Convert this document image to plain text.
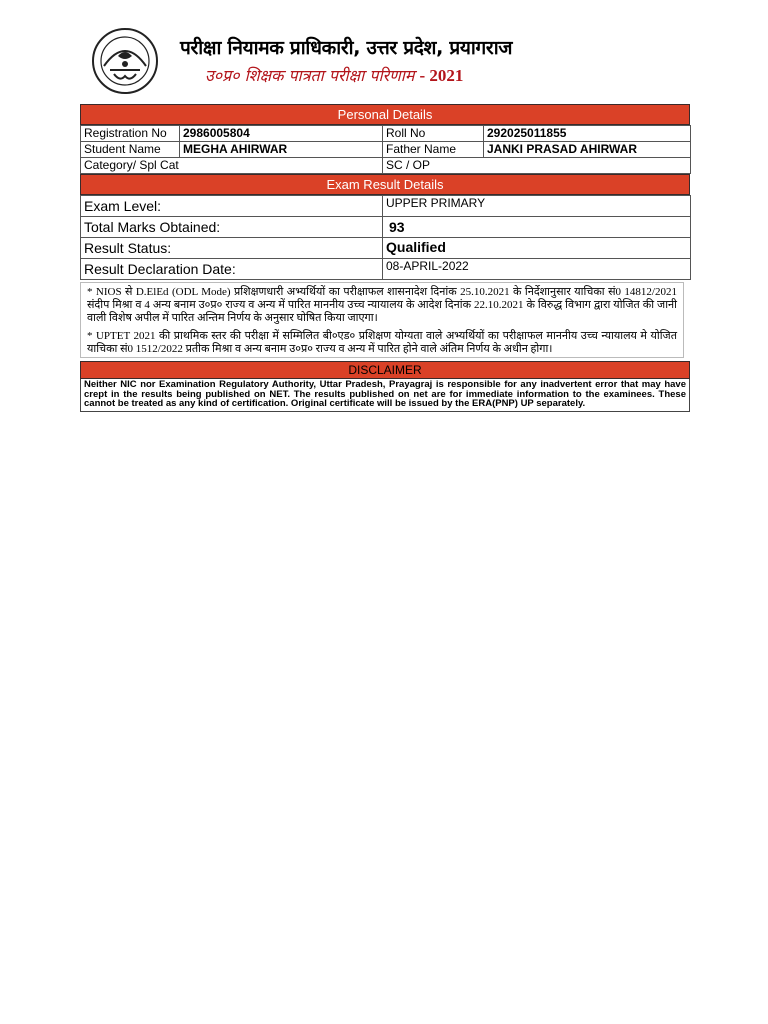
परीक्षा नियामक प्राधिकारी, उत्तर प्रदेश, प्रयागराज
उ०प्र० शिक्षक पात्रता परीक्षा परिणाम - 2021
Personal Details
Registration No	2986005804	Roll No	292025011855
Student Name	MEGHA AHIRWAR	Father Name	JANKI PRASAD AHIRWAR
Category/ Spl Cat		SC / OP	
Exam Result Details
Exam Level:	UPPER PRIMARY
Total Marks Obtained:	93
Result Status:	Qualified
Result Declaration Date:	08-APRIL-2022

* NIOS से D.ElEd (ODL Mode) प्रशिक्षणधारी अभ्यर्थियों का परीक्षाफल शासनादेश दिनांक 25.10.2021 के निर्देशानुसार याचिका सं0 14812/2021 संदीप मिश्रा व 4 अन्य बनाम उ०प्र० राज्य व अन्य में पारित माननीय उच्च न्यायालय के आदेश दिनांक 22.10.2021 के विरुद्ध विभाग द्वारा योजित की जानी वाली विशेष अपील में पारित अन्तिम निर्णय के अनुसार घोषित किया जाएगा।

* UPTET 2021 की प्राथमिक स्तर की परीक्षा में सम्मिलित बी०एड० प्रशिक्षण योग्यता वाले अभ्यर्थियों का परीक्षाफल माननीय उच्च न्यायालय मे योजित याचिका सं0 1512/2022 प्रतीक मिश्रा व अन्य बनाम उ०प्र० राज्य व अन्य में पारित होने वाले अंतिम निर्णय के अधीन होगा।

DISCLAIMER
Neither NIC nor Examination Regulatory Authority, Uttar Pradesh, Prayagraj is responsible for any inadvertent error that may have crept in the results being published on NET. The results published on net are for immediate information to the examinees. These cannot be treated as any kind of certification. Original certificate will be issued by the ERA(PNP) UP separately.
